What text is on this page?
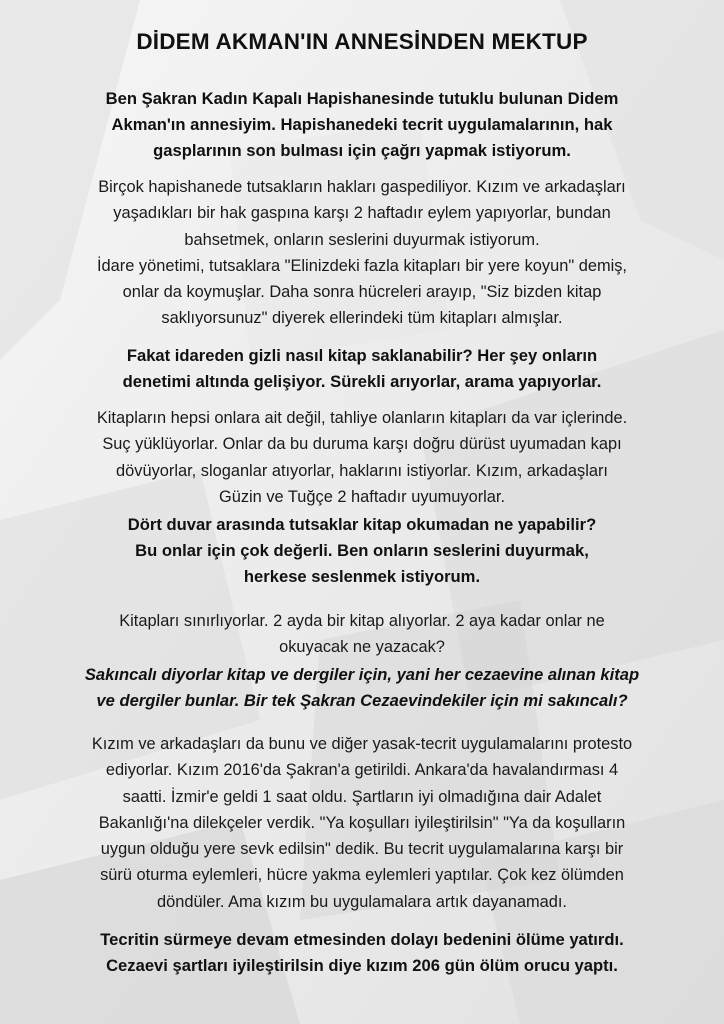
DİDEM AKMAN'IN ANNESİNDEN MEKTUP
Ben Şakran Kadın Kapalı Hapishanesinde tutuklu bulunan Didem
Akman'ın annesiyim. Hapishanedeki tecrit uygulamalarının, hak
gasplarının son bulması için çağrı yapmak istiyorum.
Birçok hapishanede tutsakların hakları gaspediliyor. Kızım ve arkadaşları
yaşadıkları bir hak gaspına karşı 2 haftadır eylem yapıyorlar, bundan
bahsetmek, onların seslerini duyurmak istiyorum.
İdare yönetimi, tutsaklara "Elinizdeki fazla kitapları bir yere koyun" demiş,
onlar da koymuşlar. Daha sonra hücreleri arayıp, "Siz bizden kitap
saklıyorsunuz" diyerek ellerindeki tüm kitapları almışlar.
Fakat idareden gizli nasıl kitap saklanabilir? Her şey onların
denetimi altında gelişiyor. Sürekli arıyorlar, arama yapıyorlar.
Kitapların hepsi onlara ait değil, tahliye olanların kitapları da var içlerinde.
Suç yüklüyorlar. Onlar da bu duruma karşı doğru dürüst uyumadan kapı
dövüyorlar, sloganlar atıyorlar, haklarını istiyorlar. Kızım, arkadaşları
Güzin ve Tuğçe 2 haftadır uyumuyorlar.
Dört duvar arasında tutsaklar kitap okumadan ne yapabilir?
Bu onlar için çok değerli. Ben onların seslerini duyurmak,
herkese seslenmek istiyorum.
Kitapları sınırlıyorlar. 2 ayda bir kitap alıyorlar. 2 aya kadar onlar ne
okuyacak ne yazacak?
Sakıncalı diyorlar kitap ve dergiler için, yani her cezaevine alınan kitap
ve dergiler bunlar. Bir tek Şakran Cezaevindekiler için mi sakıncalı?
Kızım ve arkadaşları da bunu ve diğer yasak-tecrit uygulamalarını protesto
ediyorlar. Kızım 2016'da Şakran'a getirildi. Ankara'da havalandırması 4
saatti. İzmir'e geldi 1 saat oldu. Şartların iyi olmadığına dair Adalet
Bakanlığı'na dilekçeler verdik. "Ya koşulları iyileştirilsin" "Ya da koşulların
uygun olduğu yere sevk edilsin" dedik. Bu tecrit uygulamalarına karşı bir
sürü oturma eylemleri, hücre yakma eylemleri yaptılar. Çok kez ölümden
döndüler. Ama kızım bu uygulamalara artık dayanamadı.
Tecritin sürmeye devam etmesinden dolayı bedenini ölüme yatırdı.
Cezaevi şartları iyileştirilsin diye kızım 206 gün ölüm orucu yaptı.
